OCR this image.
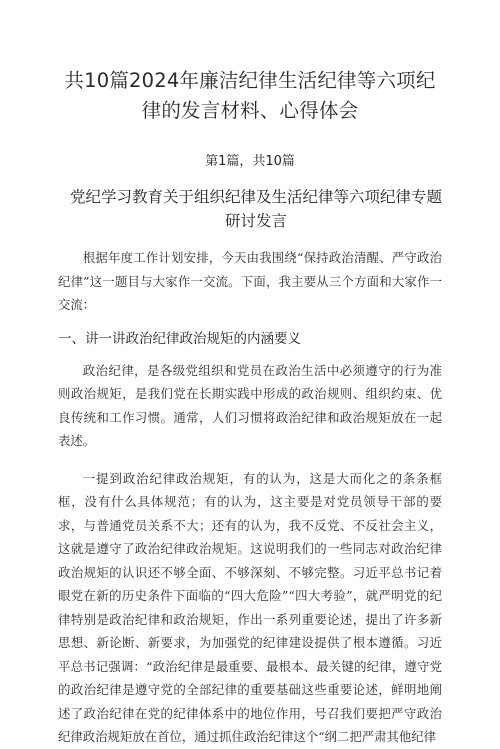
共10篇2024年廉洁纪律生活纪律等六项纪律的发言材料、心得体会
第1篇，共10篇
党纪学习教育关于组织纪律及生活纪律等六项纪律专题研讨发言

根据年度工作计划安排，今天由我围绕“保持政治清醒、严守政治纪律”这一题目与大家作一交流。下面，我主要从三个方面和大家作一交流：

一、讲一讲政治纪律政治规矩的内涵要义

政治纪律，是各级党组织和党员在政治生活中必须遵守的行为准则政治规矩，是我们党在长期实践中形成的政治规则、组织约束、优良传统和工作习惯。通常，人们习惯将政治纪律和政治规矩放在一起表述。

一提到政治纪律政治规矩，有的认为，这是大而化之的条条框框，没有什么具体规范；有的认为，这主要是对党员领导干部的要求，与普通党员关系不大；还有的认为，我不反党、不反社会主义，这就是遵守了政治纪律政治规矩。这说明我们的一些同志对政治纪律政治规矩的认识还不够全面、不够深刻、不够完整。习近平总书记着眼党在新的历史条件下面临的“四大危险”“四大考验”，就严明党的纪律特别是政治纪律和政治规矩，作出一系列重要论述，提出了许多新思想、新论断、新要求，为加强党的纪律建设提供了根本遵循。习近平总书记强调：“政治纪律是最重要、最根本、最关键的纪律，遵守党的政治纪律是遵守党的全部纪律的重要基础这些重要论述，鲜明地阐述了政治纪律在党的纪律体系中的地位作用，号召我们要把严守政治纪律政治规矩放在首位，通过抓住政治纪律这个“纲二把严肃其他纪律
